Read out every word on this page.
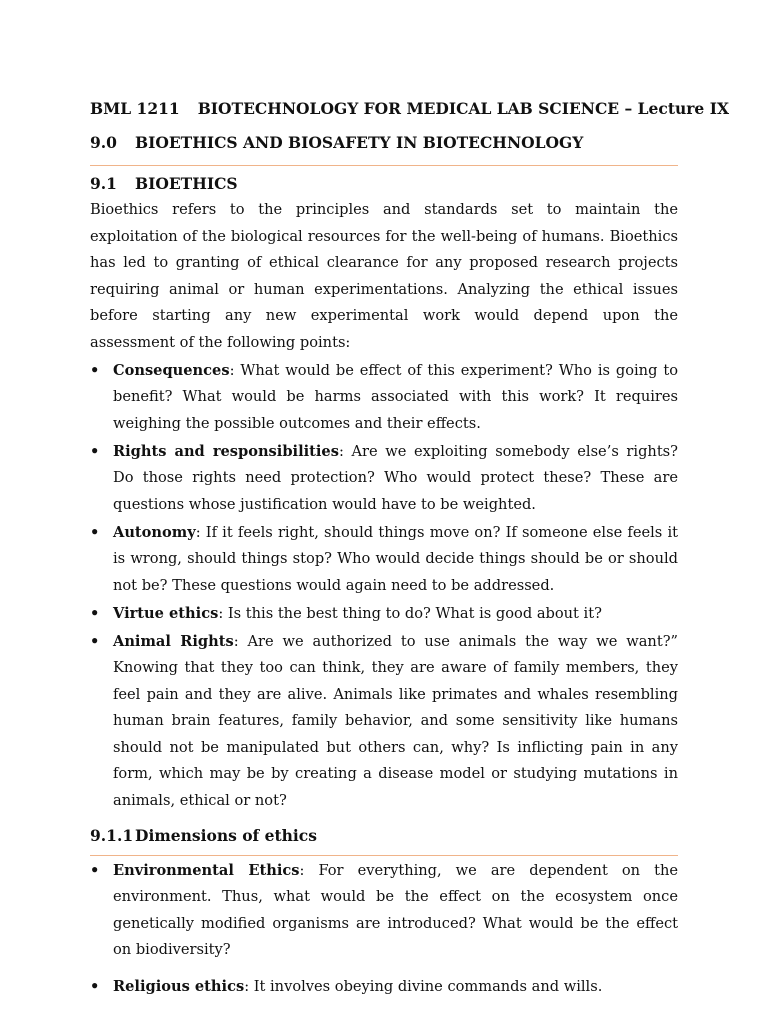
BML 1211 BIOTECHNOLOGY FOR MEDICAL LAB SCIENCE – Lecture IX
9.0 BIOETHICS AND BIOSAFETY IN BIOTECHNOLOGY
9.1 BIOETHICS

Bioethics refers to the principles and standards set to maintain the exploitation of the biological resources for the well-being of humans. Bioethics has led to granting of ethical clearance for any proposed research projects requiring animal or human experimentations. Analyzing the ethical issues before starting any new experimental work would depend upon the assessment of the following points:

• Consequences: What would be effect of this experiment? Who is going to benefit? What would be harms associated with this work? It requires weighing the possible outcomes and their effects.
• Rights and responsibilities: Are we exploiting somebody else’s rights? Do those rights need protection? Who would protect these? These are questions whose justification would have to be weighted.
• Autonomy: If it feels right, should things move on? If someone else feels it is wrong, should things stop? Who would decide things should be or should not be? These questions would again need to be addressed.
• Virtue ethics: Is this the best thing to do? What is good about it?
• Animal Rights: Are we authorized to use animals the way we want?” Knowing that they too can think, they are aware of family members, they feel pain and they are alive. Animals like primates and whales resembling human brain features, family behavior, and some sensitivity like humans should not be manipulated but others can, why? Is inflicting pain in any form, which may be by creating a disease model or studying mutations in animals, ethical or not?
9.1.1 Dimensions of ethics
• Environmental Ethics: For everything, we are dependent on the environment. Thus, what would be the effect on the ecosystem once genetically modified organisms are introduced? What would be the effect on biodiversity?
• Religious ethics: It involves obeying divine commands and wills.
